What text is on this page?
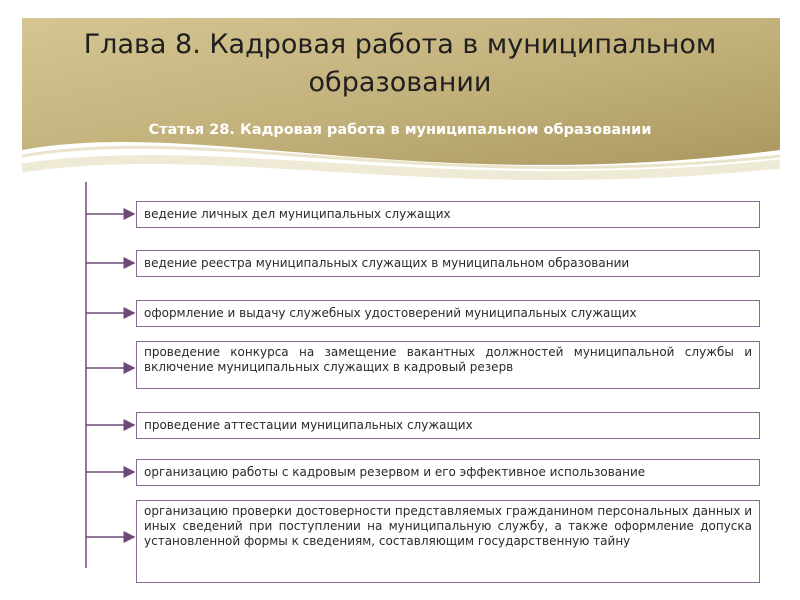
Глава 8. Кадровая работа в муниципальном образовании
Статья 28. Кадровая работа в муниципальном образовании
ведение личных дел муниципальных служащих
ведение реестра муниципальных служащих в муниципальном образовании
оформление и выдачу служебных удостоверений муниципальных служащих
проведение конкурса на замещение вакантных должностей муниципальной службы и включение муниципальных служащих в кадровый резерв
проведение аттестации муниципальных служащих
организацию работы с кадровым резервом и его эффективное использование
организацию проверки достоверности представляемых гражданином персональных данных и иных сведений при поступлении на муниципальную службу, а также оформление допуска установленной формы к сведениям, составляющим государственную тайну
